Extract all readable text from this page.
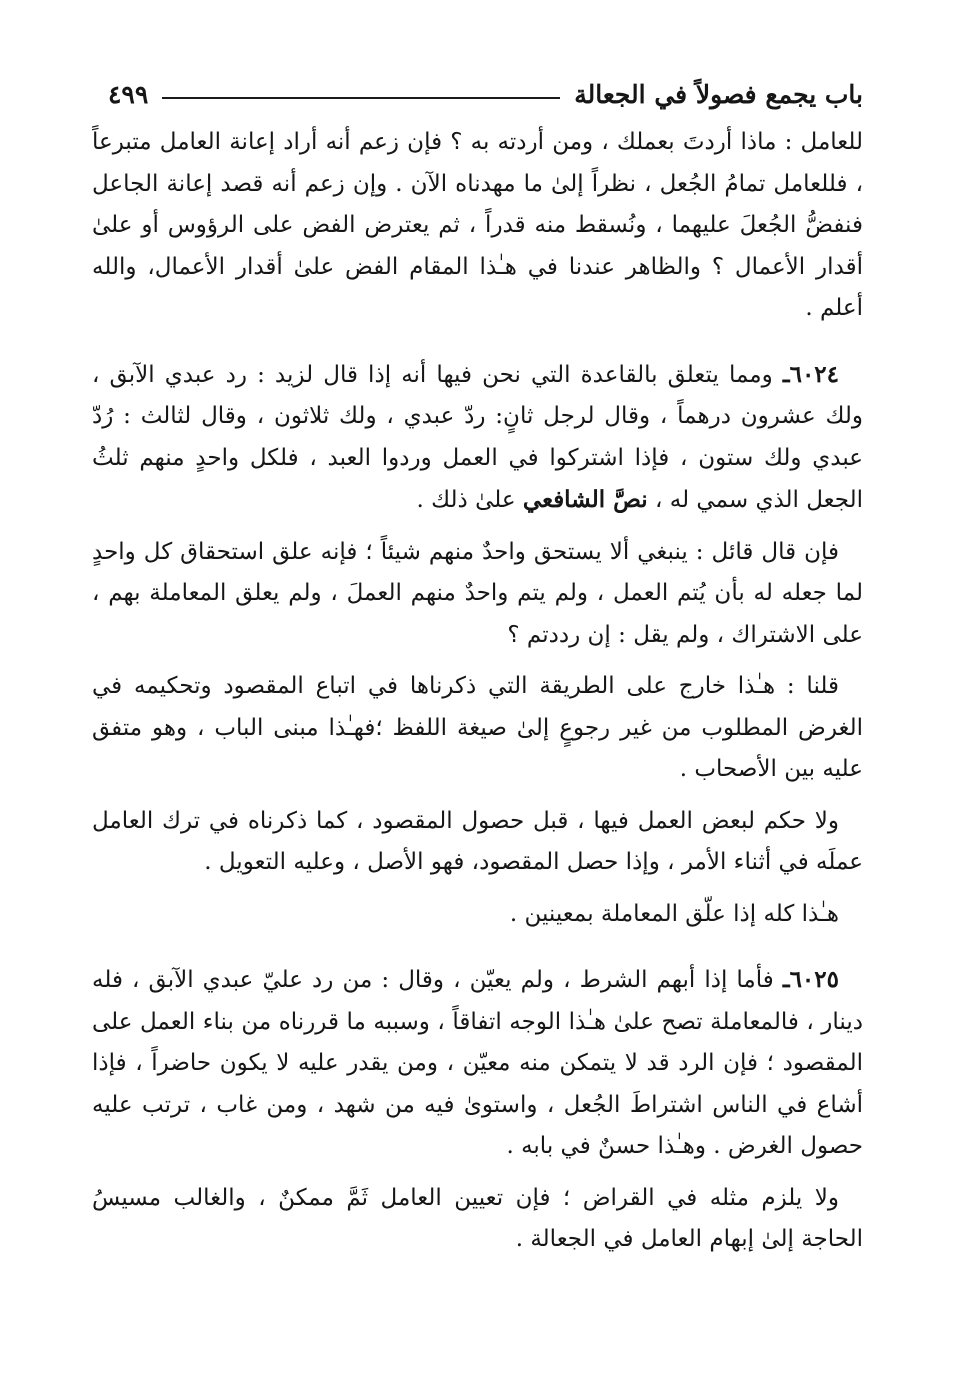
باب يجمع فصولاً في الجعالة
٤٩٩

للعامل : ماذا أردتَ بعملك ، ومن أردته به ؟ فإن زعم أنه أراد إعانة العامل متبرعاً ، فللعامل تمامُ الجُعل ، نظراً إلىٰ ما مهدناه الآن . وإن زعم أنه قصد إعانة الجاعل فنفضُّ الجُعلَ عليهما ، ونُسقط منه قدراً ، ثم يعترض الفض على الرؤوس أو علىٰ أقدار الأعمال ؟ والظاهر عندنا في هـٰذا المقام الفض علىٰ أقدار الأعمال، والله أعلم .

٦٠٢٤ـ ومما يتعلق بالقاعدة التي نحن فيها أنه إذا قال لزيد : رد عبدي الآبق ، ولك عشرون درهماً ، وقال لرجل ثانٍ: ردّ عبدي ، ولك ثلاثون ، وقال لثالث : رُدّ عبدي ولك ستون ، فإذا اشتركوا في العمل وردوا العبد ، فلكل واحدٍ منهم ثلثُ الجعل الذي سمي له ، نصَّ الشافعي علىٰ ذلك .

فإن قال قائل : ينبغي ألا يستحق واحدٌ منهم شيئاً ؛ فإنه علق استحقاق كل واحدٍ لما جعله له بأن يُتم العمل ، ولم يتم واحدٌ منهم العملَ ، ولم يعلق المعاملة بهم ، على الاشتراك ، ولم يقل : إن رددتم ؟

قلنا : هـٰذا خارج على الطريقة التي ذكرناها في اتباع المقصود وتحكيمه في الغرض المطلوب من غير رجوعٍ إلىٰ صيغة اللفظ ؛فهـٰذا مبنى الباب ، وهو متفق عليه بين الأصحاب .

ولا حكم لبعض العمل فيها ، قبل حصول المقصود ، كما ذكرناه في ترك العامل عملَه في أثناء الأمر ، وإذا حصل المقصود، فهو الأصل ، وعليه التعويل .

هـٰذا كله إذا علّق المعاملة بمعينين .

٦٠٢٥ـ فأما إذا أبهم الشرط ، ولم يعيّن ، وقال : من رد عليّ عبدي الآبق ، فله دينار ، فالمعاملة تصح علىٰ هـٰذا الوجه اتفاقاً ، وسببه ما قررناه من بناء العمل على المقصود ؛ فإن الرد قد لا يتمكن منه معيّن ، ومن يقدر عليه لا يكون حاضراً ، فإذا أشاع في الناس اشتراطَ الجُعل ، واستوىٰ فيه من شهد ، ومن غاب ، ترتب عليه حصول الغرض . وهـٰذا حسنٌ في بابه .

ولا يلزم مثله في القراض ؛ فإن تعيين العامل ثَمَّ ممكنٌ ، والغالب مسيسُ الحاجة إلىٰ إبهام العامل في الجعالة .
